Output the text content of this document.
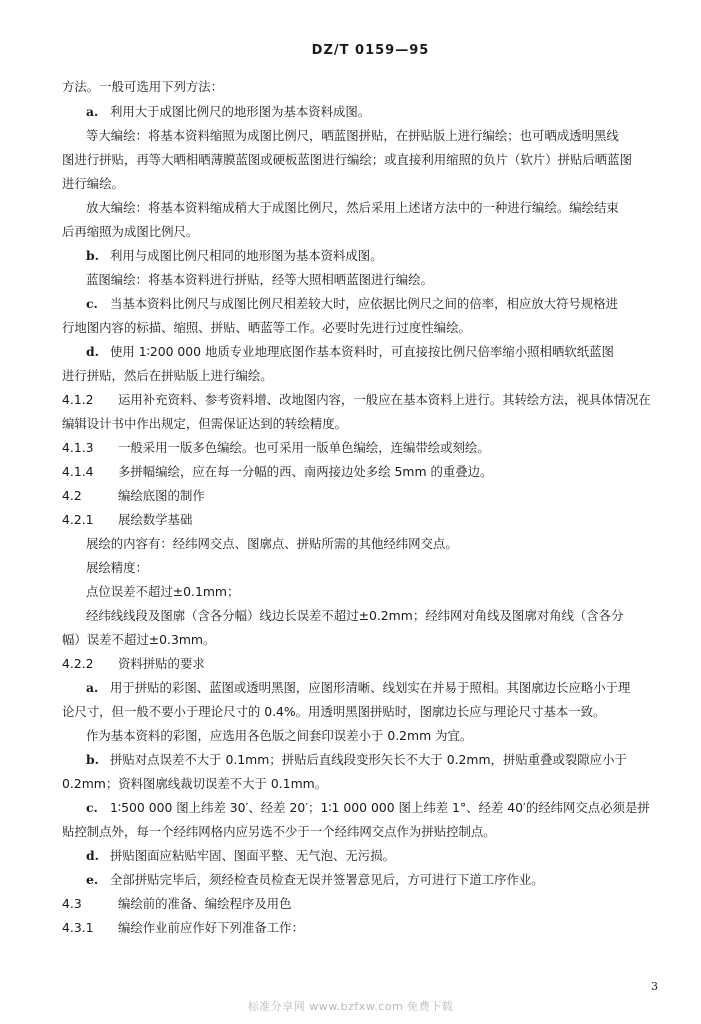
DZ/T 0159—95
方法。一般可选用下列方法：
a. 利用大于成图比例尺的地形图为基本资料成图。
等大编绘：将基本资料缩照为成图比例尺，晒蓝图拼贴，在拼贴版上进行编绘；也可晒成透明黑线
图进行拼贴，再等大晒相晒薄膜蓝图或硬板蓝图进行编绘；或直接利用缩照的负片（软片）拼贴后晒蓝图
进行编绘。
放大编绘：将基本资料缩成稍大于成图比例尺，然后采用上述诸方法中的一种进行编绘。编绘结束
后再缩照为成图比例尺。
b. 利用与成图比例尺相同的地形图为基本资料成图。
蓝图编绘：将基本资料进行拼贴，经等大照相晒蓝图进行编绘。
c. 当基本资料比例尺与成图比例尺相差较大时，应依据比例尺之间的倍率，相应放大符号规格进
行地图内容的标描、缩照、拼贴、晒蓝等工作。必要时先进行过度性编绘。
d. 使用 1∶200 000 地质专业地理底图作基本资料时，可直接按比例尺倍率缩小照相晒软纸蓝图
进行拼贴，然后在拼贴版上进行编绘。
4.1.2 运用补充资料、参考资料增、改地图内容，一般应在基本资料上进行。其转绘方法，视具体情况在
编辑设计书中作出规定，但需保证达到的转绘精度。
4.1.3 一般采用一版多色编绘。也可采用一版单色编绘，连编带绘或刻绘。
4.1.4 多拼幅编绘，应在每一分幅的西、南两接边处多绘 5mm 的重叠边。
4.2	编绘底图的制作
4.2.1 展绘数学基础
展绘的内容有：经纬网交点、图廓点、拼贴所需的其他经纬网交点。
展绘精度：
点位误差不超过±0.1mm；
经纬线线段及图廓（含各分幅）线边长误差不超过±0.2mm；经纬网对角线及图廓对角线（含各分
幅）误差不超过±0.3mm。
4.2.2 资料拼贴的要求
a. 用于拼贴的彩图、蓝图或透明黑图，应图形清晰、线划实在并易于照相。其图廓边长应略小于理
论尺寸，但一般不要小于理论尺寸的 0.4%。用透明黑图拼贴时，图廓边长应与理论尺寸基本一致。
作为基本资料的彩图，应选用各色版之间套印误差小于 0.2mm 为宜。
b. 拼贴对点误差不大于 0.1mm；拼贴后直线段变形矢长不大于 0.2mm，拼贴重叠或裂隙应小于
0.2mm；资料图廓线裁切误差不大于 0.1mm。
c. 1∶500 000 图上纬差 30′、经差 20′；1∶1 000 000 图上纬差 1°、经差 40′的经纬网交点必须是拼
贴控制点外，每一个经纬网格内应另选不少于一个经纬网交点作为拼贴控制点。
d. 拼贴图面应粘贴牢固、图面平整、无气泡、无污损。
e. 全部拼贴完毕后，须经检查员检查无误并签署意见后，方可进行下道工序作业。
4.3	编绘前的准备、编绘程序及用色
4.3.1 编绘作业前应作好下列准备工作：
3
标准分享网 www.bzfxw.com 免费下载
